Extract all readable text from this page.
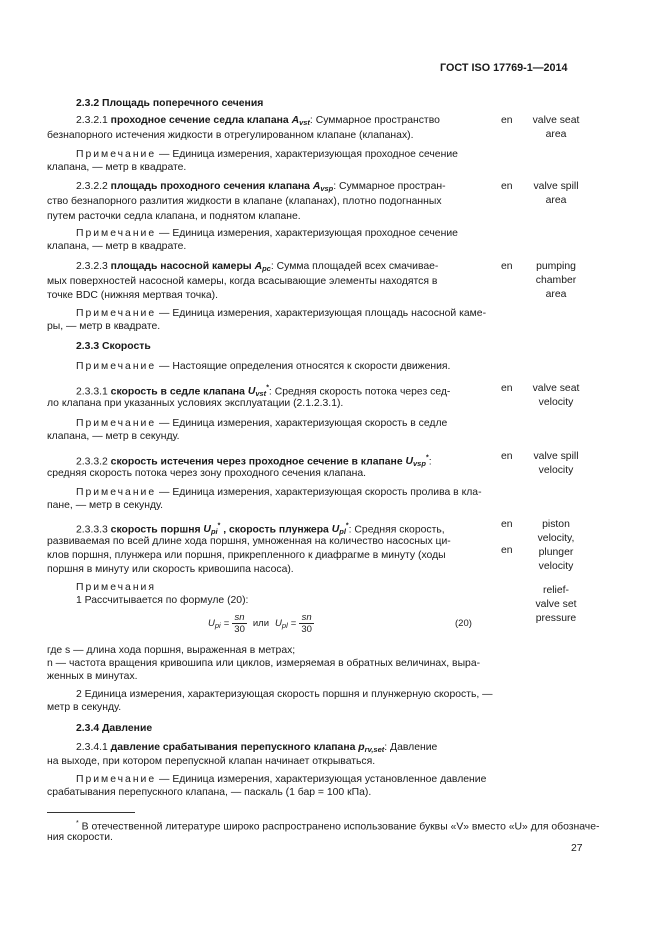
ГОСТ ISO 17769-1—2014
2.3.2 Площадь поперечного сечения
2.3.2.1 проходное сечение седла клапана $A_{vst}$: Суммарное пространство
безнапорного истечения жидкости в отрегулированном клапане (клапанах).
Примечание — Единица измерения, характеризующая проходное сечение
клапана, — метр в квадрате.
en	valve seat
area
2.3.2.2 площадь проходного сечения клапана $A_{vsp}$: Суммарное простран-
ство безнапорного разлития жидкости в клапане (клапанах), плотно подогнанных
путем расточки седла клапана, и поднятом клапане.
Примечание — Единица измерения, характеризующая проходное сечение
клапана, — метр в квадрате.
en	valve spill
area
2.3.2.3 площадь насосной камеры $A_{pc}$: Сумма площадей всех смачивае-
мых поверхностей насосной камеры, когда всасывающие элементы находятся в
точке BDC (нижняя мертвая точка).
Примечание — Единица измерения, характеризующая площадь насосной каме-
ры, — метр в квадрате.
en	pumping
chamber
area
2.3.3 Скорость
Примечание — Настоящие определения относятся к скорости движения.
2.3.3.1 скорость в седле клапана $U_{vst}^*$: Средняя скорость потока через сед-
ло клапана при указанных условиях эксплуатации (2.1.2.3.1).
Примечание — Единица измерения, характеризующая скорость в седле
клапана, — метр в секунду.
en	valve seat
velocity
2.3.3.2 скорость истечения через проходное сечение в клапане $U_{vsp}^*$:
средняя скорость потока через зону проходного сечения клапана.
Примечание — Единица измерения, характеризующая скорость пролива в кла-
пане, — метр в секунду.
en	valve spill
velocity
2.3.3.3 скорость поршня $U_{pi}^*$ , скорость плунжера $U_{pl}^*$: Средняя скорость,
развиваемая по всей длине хода поршня, умноженная на количество насосных ци-
клов поршня, плунжера или поршня, прикрепленного к диафрагме в минуту (ходы
поршня в минуту или скорость кривошипа насоса).
en
en
piston
velocity,
plunger
velocity
Примечания
1 Рассчитывается по формуле (20):
relief-
valve set
pressure
$U_{pi} = \frac{sn}{30}$ или $U_{pl} = \frac{sn}{30}$	(20)
где s — длина хода поршня, выраженная в метрах;
n — частота вращения кривошипа или циклов, измеряемая в обратных величинах, выра-
женных в минутах.
2 Единица измерения, характеризующая скорость поршня и плунжерную скорость, —
метр в секунду.
2.3.4 Давление
2.3.4.1 давление срабатывания перепускного клапана $p_{rv,set}$: Давление
на выходе, при котором перепускной клапан начинает открываться.
Примечание — Единица измерения, характеризующая установленное давление
срабатывания перепускного клапана, — паскаль (1 бар = 100 кПа).
* В отечественной литературе широко распространено использование буквы «V» вместо «U» для обозначе-
ния скорости.
27
